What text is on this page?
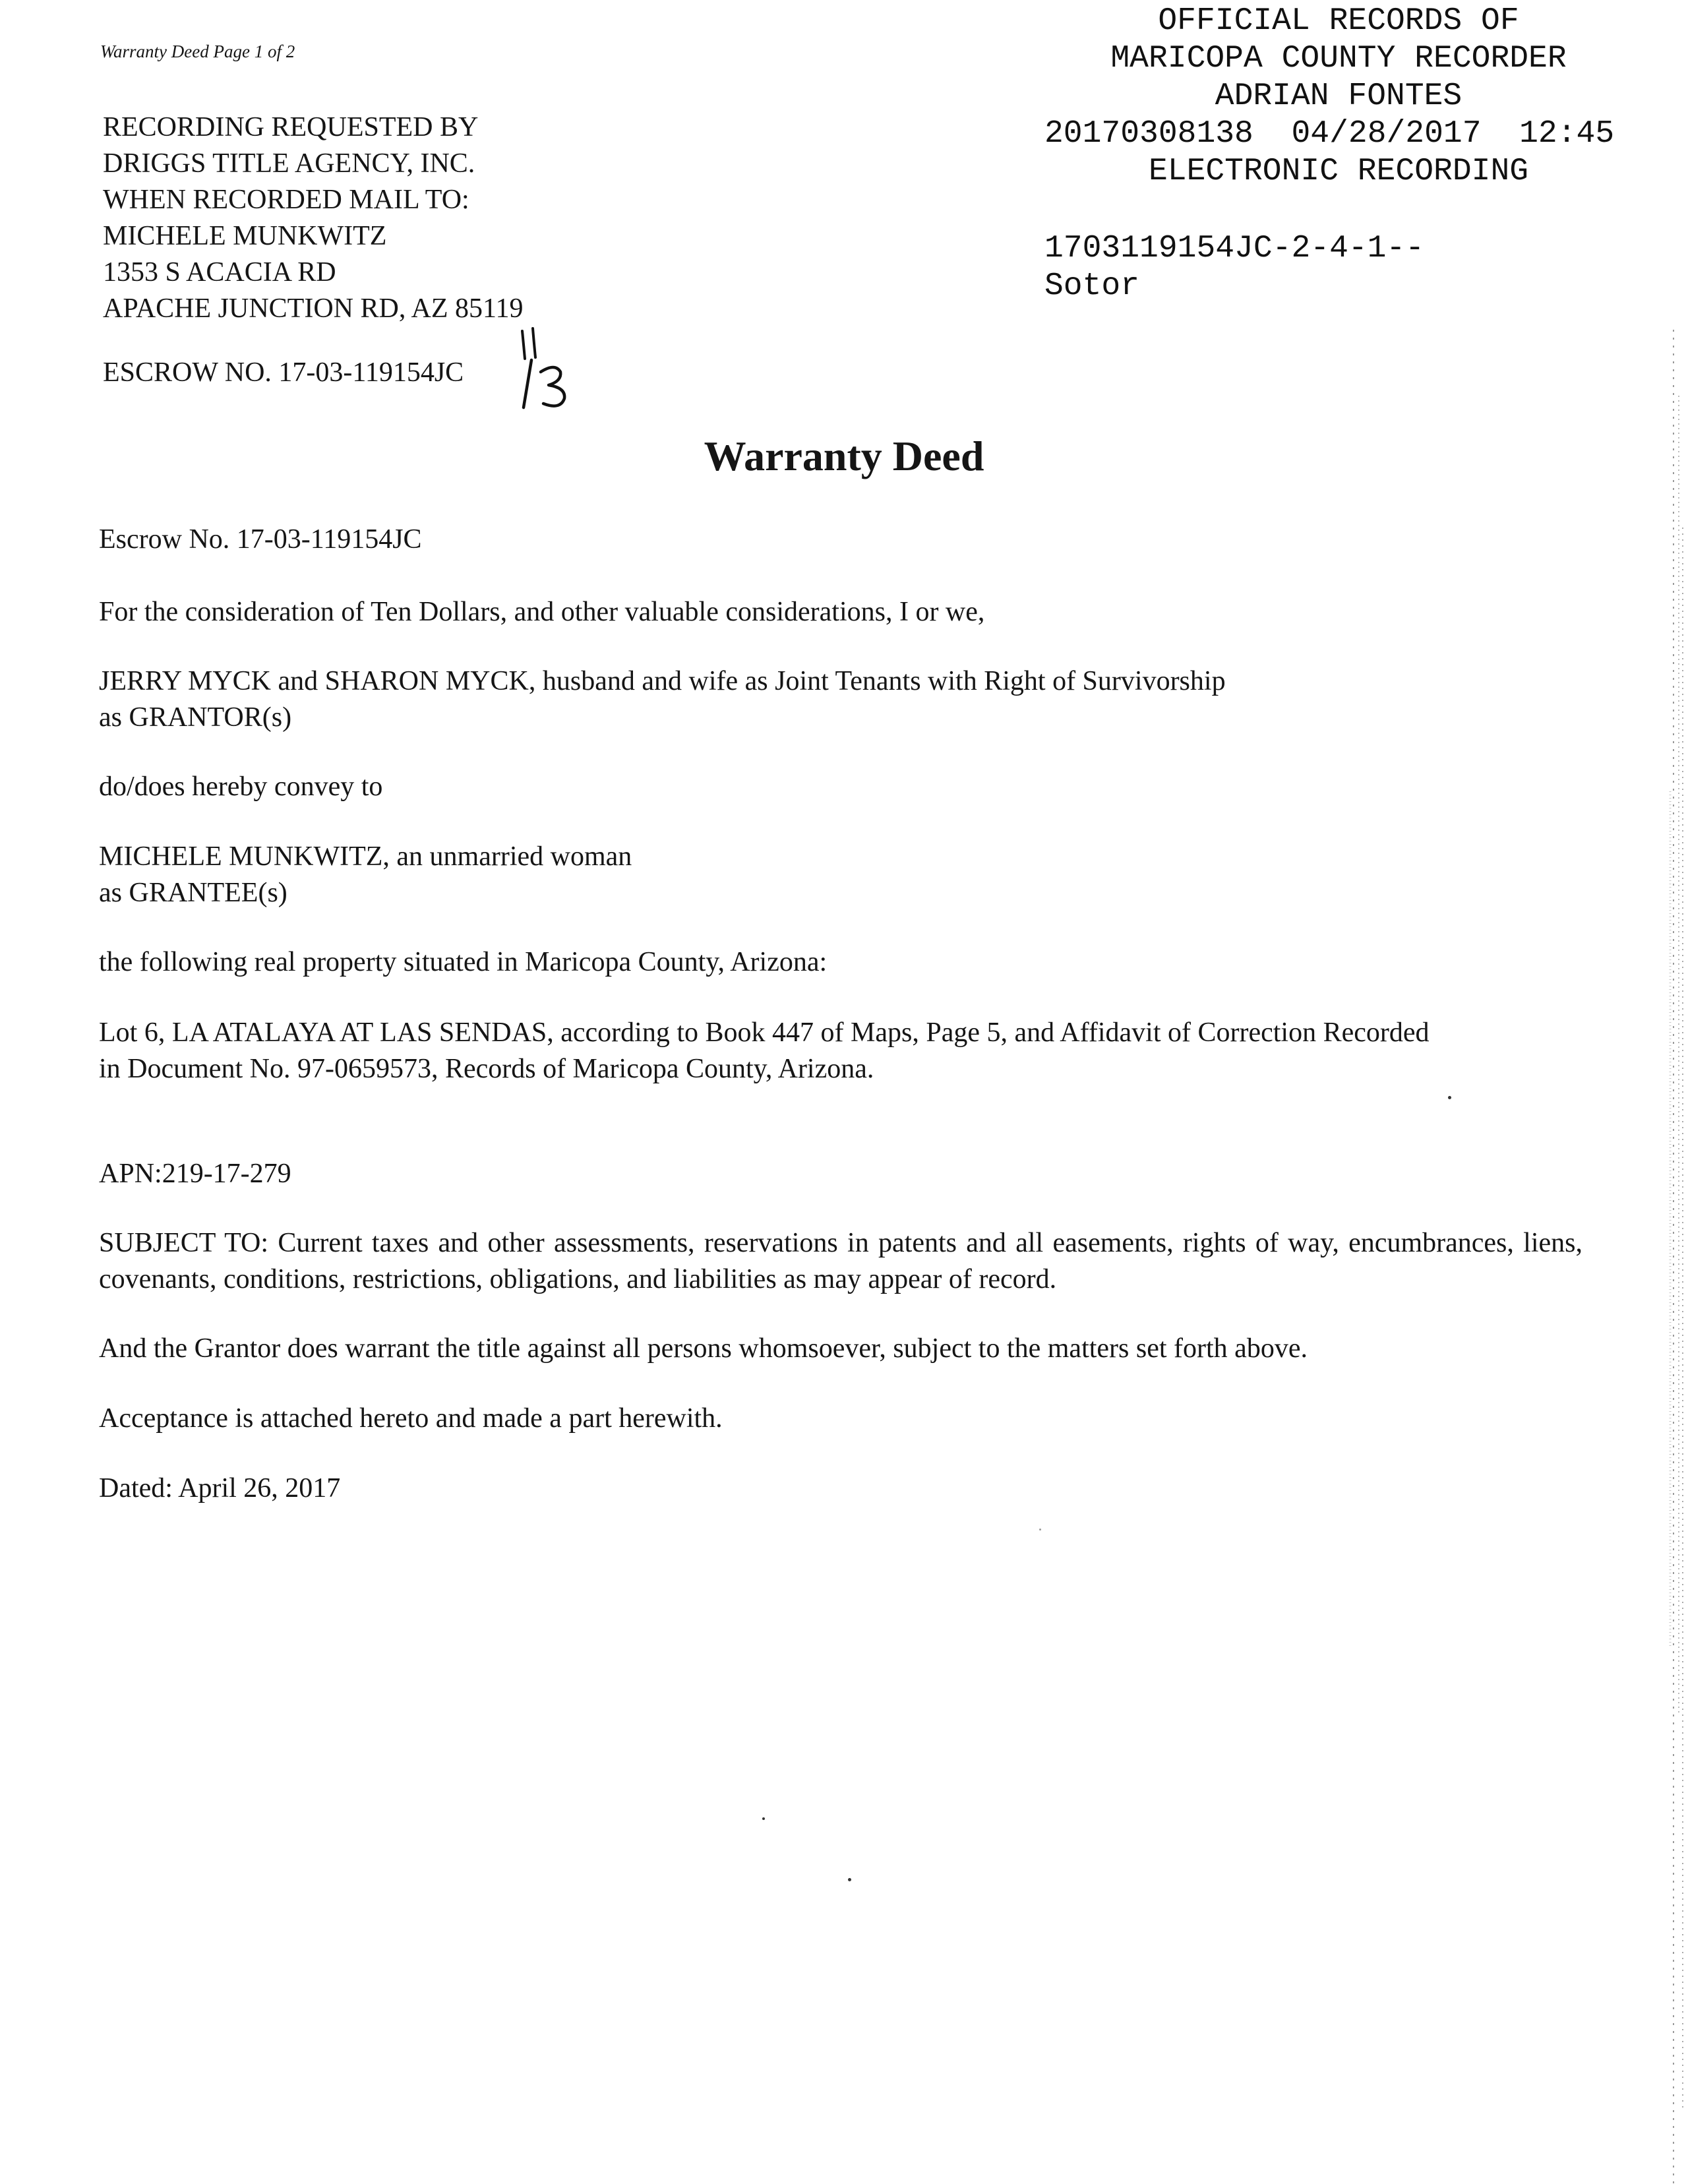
Warranty Deed Page 1 of 2
RECORDING REQUESTED BY
DRIGGS TITLE AGENCY, INC.
WHEN RECORDED MAIL TO:
MICHELE MUNKWITZ
1353 S ACACIA RD
APACHE JUNCTION RD, AZ 85119
ESCROW NO. 17-03-119154JC
OFFICIAL RECORDS OF
MARICOPA COUNTY RECORDER
ADRIAN FONTES
20170308138 04/28/2017 12:45
ELECTRONIC RECORDING
1703119154JC-2-4-1--
Sotor
Warranty Deed
Escrow No. 17-03-119154JC
For the consideration of Ten Dollars, and other valuable considerations, I or we,
JERRY MYCK and SHARON MYCK, husband and wife as Joint Tenants with Right of Survivorship
as GRANTOR(s)
do/does hereby convey to
MICHELE MUNKWITZ, an unmarried woman
as GRANTEE(s)
the following real property situated in Maricopa County, Arizona:
Lot 6, LA ATALAYA AT LAS SENDAS, according to Book 447 of Maps, Page 5, and Affidavit of Correction Recorded
in Document No. 97-0659573, Records of Maricopa County, Arizona.
APN:219-17-279
SUBJECT TO: Current taxes and other assessments, reservations in patents and all easements, rights of way, encumbrances, liens, covenants, conditions, restrictions, obligations, and liabilities as may appear of record.
And the Grantor does warrant the title against all persons whomsoever, subject to the matters set forth above.
Acceptance is attached hereto and made a part herewith.
Dated: April 26, 2017
